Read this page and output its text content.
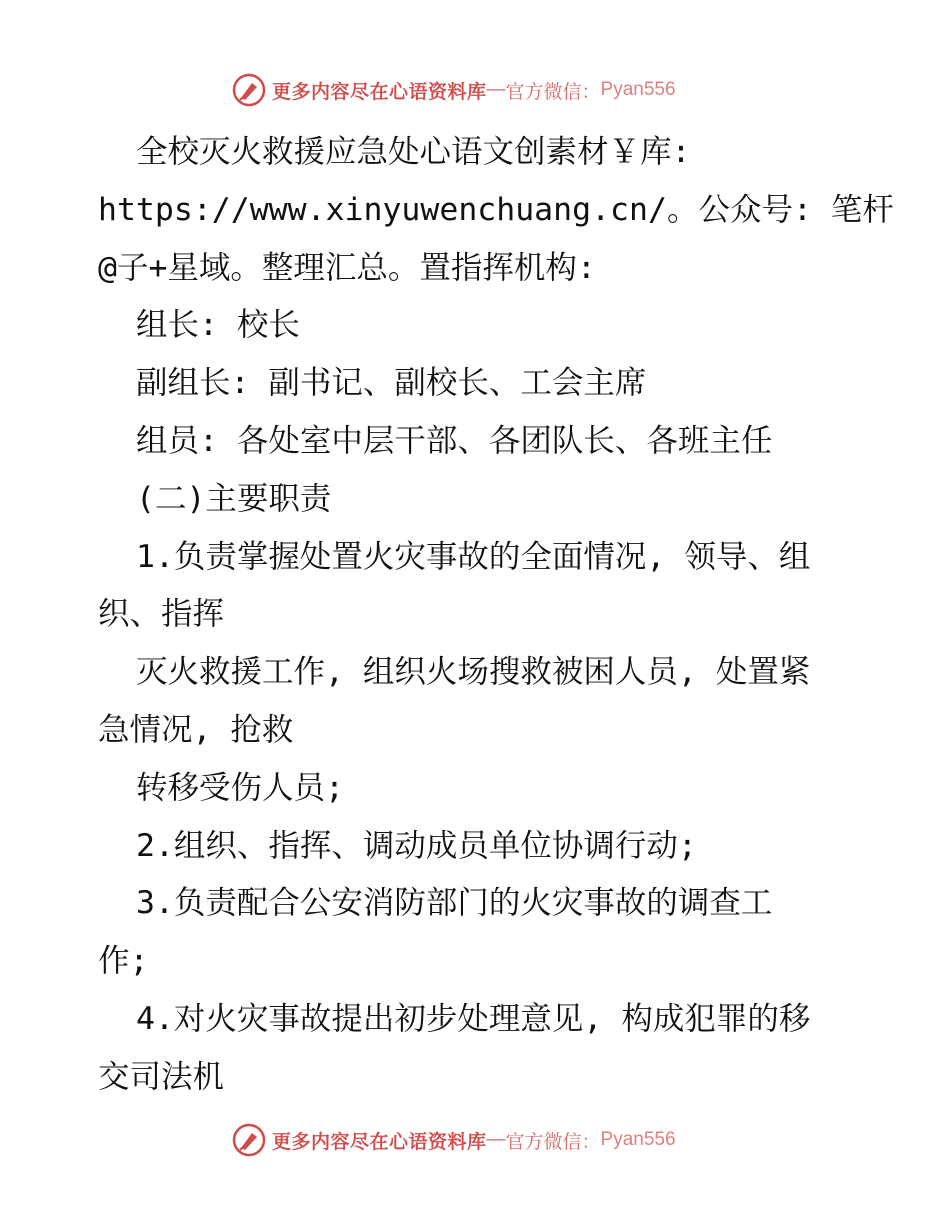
更多内容尽在心语资料库 — 官方微信： Pyan556

全校灭火救援应急处心语文创素材￥库:

https://www.xinyuwenchuang.cn/。公众号: 笔杆

@子+星域。整理汇总。置指挥机构:

组长: 校长

副组长: 副书记、副校长、工会主席

组员: 各处室中层干部、各团队长、各班主任

(二)主要职责

1.负责掌握处置火灾事故的全面情况, 领导、组

织、指挥

灭火救援工作, 组织火场搜救被困人员, 处置紧

急情况, 抢救

转移受伤人员;

2.组织、指挥、调动成员单位协调行动;

3.负责配合公安消防部门的火灾事故的调查工

作;

4.对火灾事故提出初步处理意见, 构成犯罪的移

交司法机

更多内容尽在心语资料库 — 官方微信： Pyan556
